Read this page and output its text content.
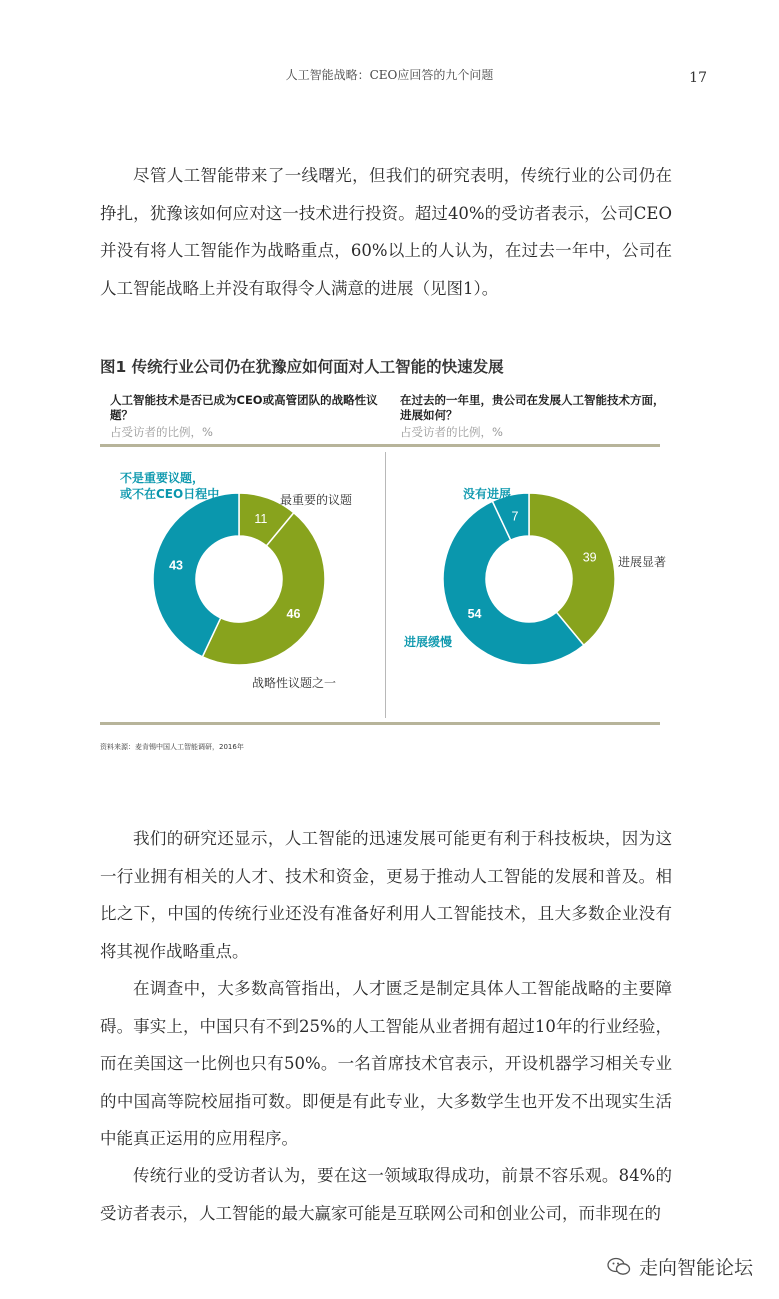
人工智能战略：CEO应回答的九个问题	17

尽管人工智能带来了一线曙光，但我们的研究表明，传统行业的公司仍在挣扎，犹豫该如何应对这一技术进行投资。超过40%的受访者表示，公司CEO并没有将人工智能作为战略重点，60%以上的人认为，在过去一年中，公司在人工智能战略上并没有取得令人满意的进展（见图1）。

图1 传统行业公司仍在犹豫应如何面对人工智能的快速发展
人工智能技术是否已成为CEO或高管团队的战略性议题？
占受访者的比例，%
在过去的一年里，贵公司在发展人工智能技术方面，进展如何？
占受访者的比例，%
11
46
43
39
54
7
不是重要议题，
或不在CEO日程中	最重要的议题
战略性议题之一
没有进展
进展显著
进展缓慢
资料来源：麦肯锡中国人工智能调研，2016年

我们的研究还显示，人工智能的迅速发展可能更有利于科技板块，因为这一行业拥有相关的人才、技术和资金，更易于推动人工智能的发展和普及。相比之下，中国的传统行业还没有准备好利用人工智能技术，且大多数企业没有将其视作战略重点。

在调查中，大多数高管指出，人才匮乏是制定具体人工智能战略的主要障碍。事实上，中国只有不到25%的人工智能从业者拥有超过10年的行业经验，而在美国这一比例也只有50%。一名首席技术官表示，开设机器学习相关专业的中国高等院校屈指可数。即便是有此专业，大多数学生也开发不出现实生活中能真正运用的应用程序。

传统行业的受访者认为，要在这一领域取得成功，前景不容乐观。84%的受访者表示，人工智能的最大赢家可能是互联网公司和创业公司，而非现在的

走向智能论坛
